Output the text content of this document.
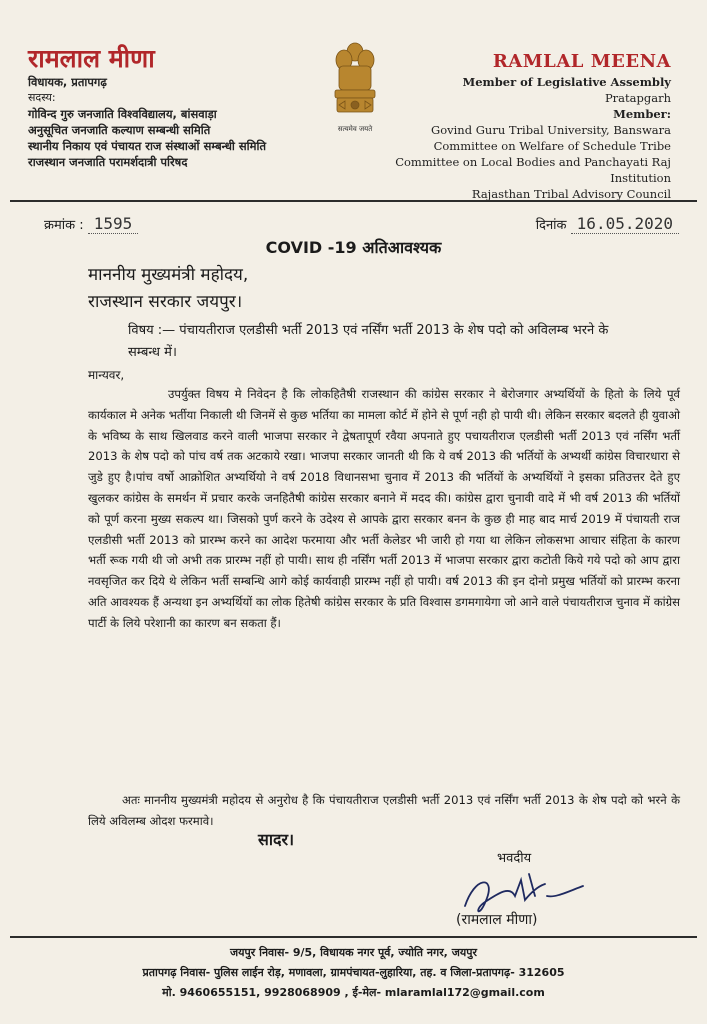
रामलाल मीणा
विधायक, प्रतापगढ़
सदस्य:
गोविन्द गुरु जनजाति विश्वविद्यालय, बांसवाड़ा
अनुसूचित जनजाति कल्याण सम्बन्धी समिति
स्थानीय निकाय एवं पंचायत राज संस्थाओं सम्बन्धी समिति
राजस्थान जनजाति परामर्शदात्री परिषद
सत्यमेव जयते
RAMLAL MEENA
Member of Legislative Assembly
Pratapgarh
Member:
Govind Guru Tribal University, Banswara
Committee on Welfare of Schedule Tribe
Committee on Local Bodies and Panchayati Raj Institution
Rajasthan Tribal Advisory Council
क्रमांक : 1595	दिनांक 16.05.2020
COVID -19 अतिआवश्यक
माननीय मुख्यमंत्री महोदय,
राजस्थान सरकार जयपुर।
विषय :— पंचायतीराज एलडीसी भर्ती 2013 एवं नर्सिंग भर्ती 2013 के शेष पदो को अविलम्ब भरने के सम्बन्ध में।
मान्यवर,
उपर्युक्त विषय मे निवेदन है कि लोकहितैषी राजस्थान की कांग्रेस सरकार ने बेरोजगार अभ्यर्थियों के हितो के लिये पूर्व कार्यकाल मे अनेक भर्तीया निकाली थी जिनमें से कुछ भर्तिया का मामला कोर्ट में होने से पूर्ण नही हो पायी थी। लेकिन सरकार बदलते ही युवाओ के भविष्य के साथ खिलवाड करने वाली भाजपा सरकार ने द्वेषतापूर्ण रवैया अपनाते हुए पचायतीराज एलडीसी भर्ती 2013 एवं नर्सिंग भर्ती 2013 के शेष पदो को पांच वर्ष तक अटकाये रखा। भाजपा सरकार जानती थी कि ये वर्ष 2013 की भर्तियों के अभ्यर्थी कांग्रेस विचारधारा से जुडे हुए है।पांच वर्षो आक्रोशित अभ्यर्थियो ने वर्ष 2018 विधानसभा चुनाव में 2013 की भर्तियों के अभ्यर्थियों ने इसका प्रतिउत्तर देते हुए खुलकर कांग्रेस के समर्थन में प्रचार करके जनहितैषी कांग्रेस सरकार बनाने में मदद की। कांग्रेस द्वारा चुनावी वादे में भी वर्ष 2013 की भर्तियों को पूर्ण करना मुख्य सकल्प था। जिसको पुर्ण करने के उदेश्य से आपके द्वारा सरकार बनन के कुछ ही माह बाद मार्च 2019 में पंचायती राज एलडीसी भर्ती 2013 को प्रारम्भ करने का आदेश फरमाया और भर्ती केलेडर भी जारी हो गया था लेकिन लोकसभा आचार संहिता के कारण भर्ती रूक गयी थी जो अभी तक प्रारम्भ नहीं हो पायी। साथ ही नर्सिंग भर्ती 2013 में भाजपा सरकार द्वारा कटोती किये गये पदो को आप द्वारा नवसृजित कर दिये थे लेकिन भर्ती सम्बन्धि आगे कोई कार्यवाही प्रारम्भ नहीं हो पायी। वर्ष 2013 की इन दोनो प्रमुख भर्तियों को प्रारम्भ करना अति आवश्यक हैं अन्यथा इन अभ्यर्थियों का लोक हितेषी कांग्रेस सरकार के प्रति विश्वास डगमगायेगा जो आने वाले पंचायतीराज चुनाव में कांग्रेस पार्टी के लिये परेशानी का कारण बन सकता हैं।
अतः माननीय मुख्यमंत्री महोदय से अनुरोध है कि पंचायतीराज एलडीसी भर्ती 2013 एवं नर्सिंग भर्ती 2013 के शेष पदो को भरने के लिये अविलम्ब ओदश फरमावे।
सादर।
भवदीय
(रामलाल मीणा)
जयपुर निवास- 9/5, विधायक नगर पूर्व, ज्योति नगर, जयपुर
प्रतापगढ़ निवास- पुलिस लाईन रोड़, मणावला, ग्रामपंचायत-लुहारिया, तह. व जिला-प्रतापगढ़- 312605
मो. 9460655151, 9928068909 , ई-मेल- mlaramlal172@gmail.com
